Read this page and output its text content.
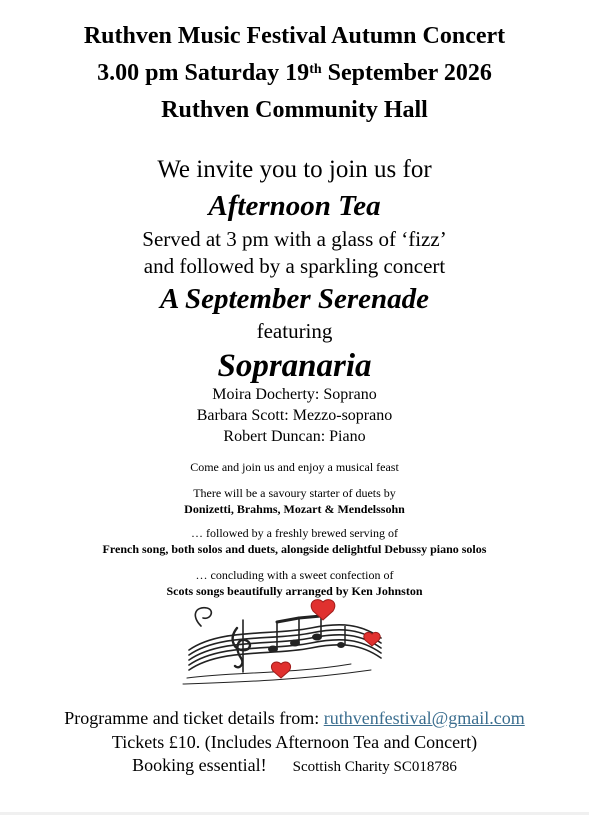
Ruthven Music Festival Autumn Concert
3.00 pm Saturday 19th September 2026
Ruthven Community Hall
We invite you to join us for
Afternoon Tea
Served at 3 pm with a glass of ‘fizz’
and followed by a sparkling concert
A September Serenade
featuring
Sopranaria
Moira Docherty: Soprano
Barbara Scott: Mezzo-soprano
Robert Duncan: Piano
Come and join us and enjoy a musical feast
There will be a savoury starter of duets by
Donizetti, Brahms, Mozart & Mendelssohn
… followed by a freshly brewed serving of
French song, both solos and duets, alongside delightful Debussy piano solos
… concluding with a sweet confection of
Scots songs beautifully arranged by Ken Johnston
Programme and ticket details from: ruthvenfestival@gmail.com
Tickets £10. (Includes Afternoon Tea and Concert)
Booking essential! Scottish Charity SC018786
